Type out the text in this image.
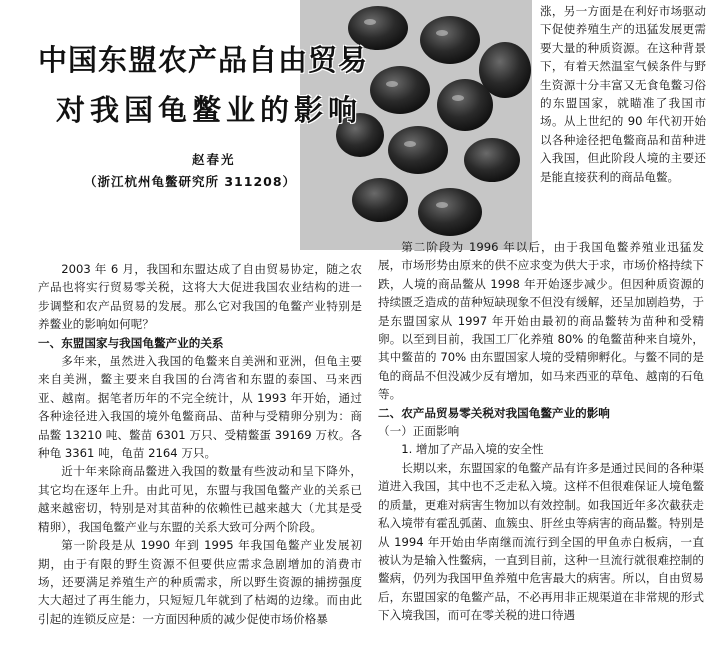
中国东盟农产品自由贸易
对我国龟鳖业的影响
赵春光
（浙江杭州龟鳖研究所 311208）

涨，另一方面是在利好市场驱动下促使养殖生产的迅猛发展更需要大量的种质资源。在这种背景下，有着天然温室气候条件与野生资源十分丰富又无食龟鳖习俗的东盟国家，就瞄准了我国市场。从上世纪的 90 年代初开始以各种途径把龟鳖商品和苗种进入我国，但此阶段人境的主要还是能直接获利的商品龟鳖。

2003 年 6 月，我国和东盟达成了自由贸易协定，随之农产品也将实行贸易零关税，这将大大促进我国农业结构的进一步调整和农产品贸易的发展。那么它对我国的龟鳖产业特别是养鳖业的影响如何呢？

一、东盟国家与我国龟鳖产业的关系

多年来，虽然进入我国的龟鳖来自美洲和亚洲，但龟主要来自美洲，鳖主要来自我国的台湾省和东盟的泰国、马来西亚、越南。据笔者历年的不完全统计，从 1993 年开始，通过各种途径进入我国的境外龟鳖商品、苗种与受精卵分别为：商品鳖 13210 吨、鳖苗 6301 万只、受精鳖蛋 39169 万枚。各种龟 3361 吨，龟苗 2164 万只。

近十年来除商品鳖进入我国的数量有些波动和呈下降外，其它均在逐年上升。由此可见，东盟与我国龟鳖产业的关系已越来越密切，特别是对其苗种的依赖性已越来越大（尤其是受精卵），我国龟鳖产业与东盟的关系大致可分两个阶段。

第一阶段是从 1990 年到 1995 年我国龟鳖产业发展初期，由于有限的野生资源不但要供应需求急剧增加的消费市场，还要满足养殖生产的种质需求，所以野生资源的捕捞强度大大超过了再生能力，只短短几年就到了枯竭的边缘。而由此引起的连锁反应是：一方面因种质的减少促使市场价格暴

第二阶段为 1996 年以后，由于我国龟鳖养殖业迅猛发展，市场形势由原来的供不应求变为供大于求，市场价格持续下跌，人境的商品鳖从 1998 年开始逐步减少。但因种质资源的持续匮乏造成的苗种短缺现象不但没有缓解，还呈加剧趋势，于是东盟国家从 1997 年开始由最初的商品鳖转为苗种和受精卵。以至到目前，我国工厂化养殖 80% 的龟鳖苗种来自境外，其中鳖苗的 70% 由东盟国家人境的受精卵孵化。与鳖不同的是龟的商品不但没减少反有增加，如马来西亚的草龟、越南的石龟等。

二、农产品贸易零关税对我国龟鳖产业的影响

（一）正面影响

1. 增加了产品入境的安全性

长期以来，东盟国家的龟鳖产品有许多是通过民间的各种渠道进入我国，其中也不乏走私入境。这样不但很难保证人境龟鳖的质量，更难对病害生物加以有效控制。如我国近年多次截获走私入境带有霍乱弧菌、血簇虫、肝丝虫等病害的商品鳖。特别是从 1994 年开始由华南继而流行到全国的甲鱼赤白板病，一直被认为是输入性鳖病，一直到目前，这种一旦流行就很难控制的鳖病，仍列为我国甲鱼养殖中危害最大的病害。所以，自由贸易后，东盟国家的龟鳖产品，不必再用非正规渠道在非常规的形式下入境我国，而可在零关税的进口待遇
